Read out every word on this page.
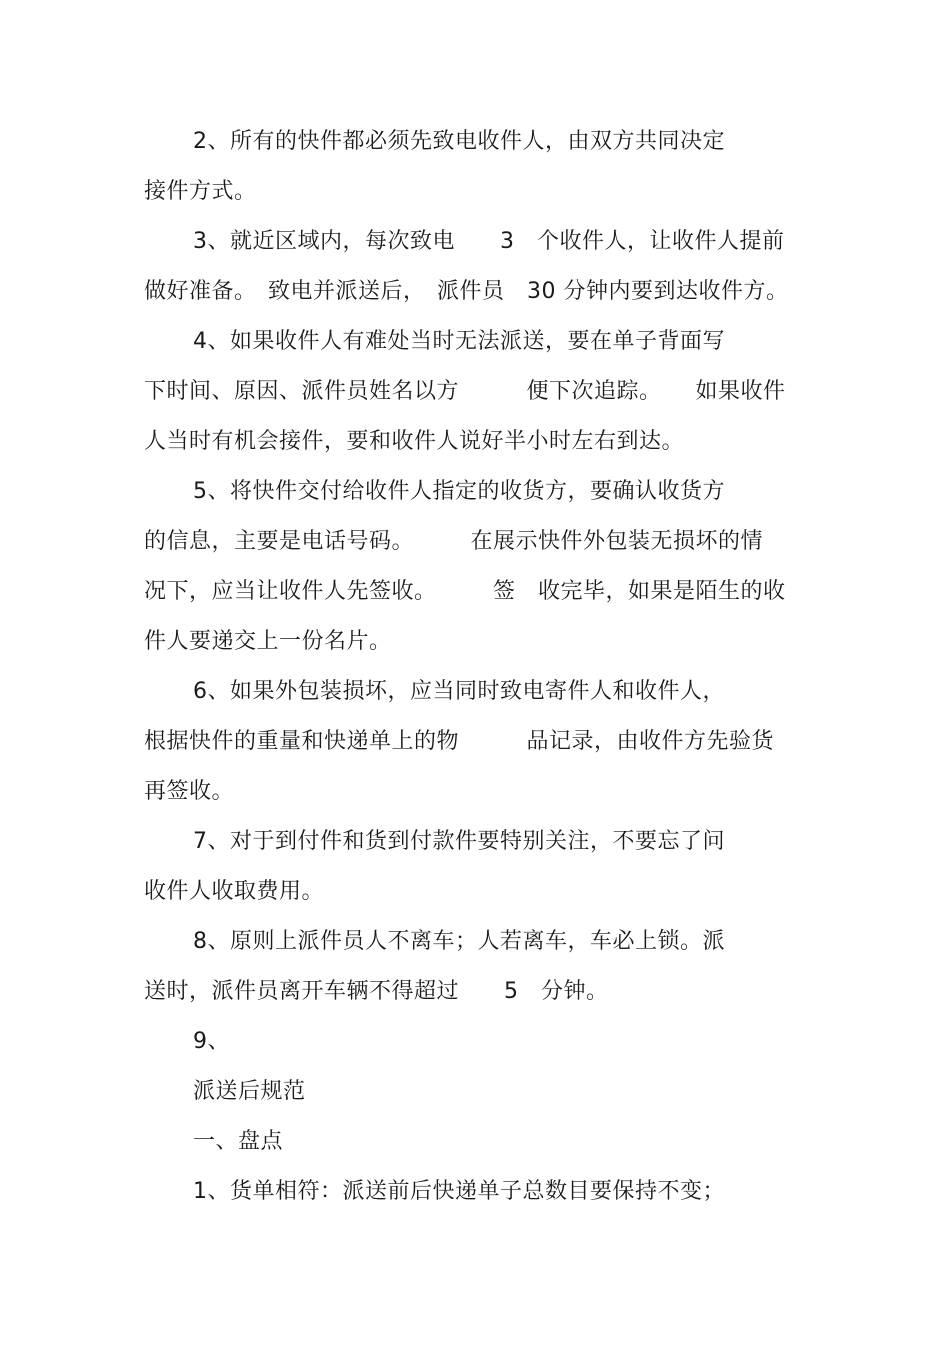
2、所有的快件都必须先致电收件人，由双方共同决定
接件方式。
3、就近区域内，每次致电　　3　个收件人，让收件人提前
做好准备。　致电并派送后，　派件员　30 分钟内要到达收件方。
4、如果收件人有难处当时无法派送，要在单子背面写
下时间、原因、派件员姓名以方　　　便下次追踪。　　如果收件
人当时有机会接件，要和收件人说好半小时左右到达。
5、将快件交付给收件人指定的收货方，要确认收货方
的信息，主要是电话号码。　　　在展示快件外包装无损坏的情
况下，应当让收件人先签收。　　　签　收完毕，如果是陌生的收
件人要递交上一份名片。
6、如果外包装损坏，应当同时致电寄件人和收件人，
根据快件的重量和快递单上的物　　　品记录，由收件方先验货
再签收。
7、对于到付件和货到付款件要特别关注，不要忘了问
收件人收取费用。
8、原则上派件员人不离车；人若离车，车必上锁。派
送时，派件员离开车辆不得超过　　5　分钟。
9、
派送后规范
一、盘点
1、货单相符：派送前后快递单子总数目要保持不变；
